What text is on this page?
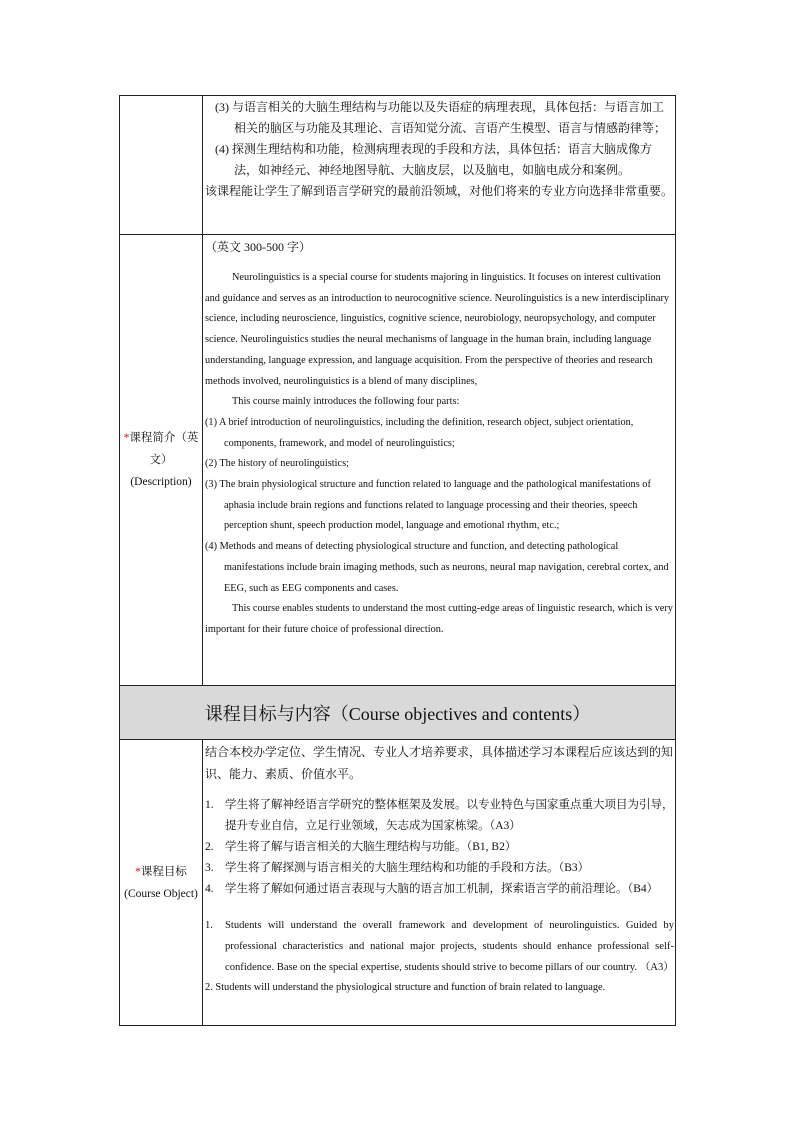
(3) 与语言相关的大脑生理结构与功能以及失语症的病理表现，具体包括：与语言加工相关的脑区与功能及其理论、言语知觉分流、言语产生模型、语言与情感韵律等；

(4) 探测生理结构和功能，检测病理表现的手段和方法，具体包括：语言大脑成像方法，如神经元、神经地图导航、大脑皮层，以及脑电，如脑电成分和案例。

该课程能让学生了解到语言学研究的最前沿领域，对他们将来的专业方向选择非常重要。

*课程简介（英文）
(Description)

（英文 300-500 字）

Neurolinguistics is a special course for students majoring in linguistics. It focuses on interest cultivation and guidance and serves as an introduction to neurocognitive science. Neurolinguistics is a new interdisciplinary science, including neuroscience, linguistics, cognitive science, neurobiology, neuropsychology, and computer science. Neurolinguistics studies the neural mechanisms of language in the human brain, including language understanding, language expression, and language acquisition. From the perspective of theories and research methods involved, neurolinguistics is a blend of many disciplines,

This course mainly introduces the following four parts:

(1) A brief introduction of neurolinguistics, including the definition, research object, subject orientation, components, framework, and model of neurolinguistics;

(2) The history of neurolinguistics;

(3) The brain physiological structure and function related to language and the pathological manifestations of aphasia include brain regions and functions related to language processing and their theories, speech perception shunt, speech production model, language and emotional rhythm, etc.;

(4) Methods and means of detecting physiological structure and function, and detecting pathological manifestations include brain imaging methods, such as neurons, neural map navigation, cerebral cortex, and EEG, such as EEG components and cases.

This course enables students to understand the most cutting-edge areas of linguistic research, which is very important for their future choice of professional direction.

课程目标与内容（Course objectives and contents）
*课程目标
(Course Object)

结合本校办学定位、学生情况、专业人才培养要求，具体描述学习本课程后应该达到的知识、能力、素质、价值水平。

1. 学生将了解神经语言学研究的整体框架及发展。以专业特色与国家重点重大项目为引导，提升专业自信，立足行业领域，矢志成为国家栋梁。（A3）
2. 学生将了解与语言相关的大脑生理结构与功能。（B1, B2）
3. 学生将了解探测与语言相关的大脑生理结构和功能的手段和方法。（B3）
4. 学生将了解如何通过语言表现与大脑的语言加工机制，探索语言学的前沿理论。（B4）
1.	Students will understand the overall framework and development of neurolinguistics. Guided by professional characteristics and national major projects, students should enhance professional self-confidence. Base on the special expertise, students should strive to become pillars of our country. （A3）

2. Students will understand the physiological structure and function of brain related to language.
